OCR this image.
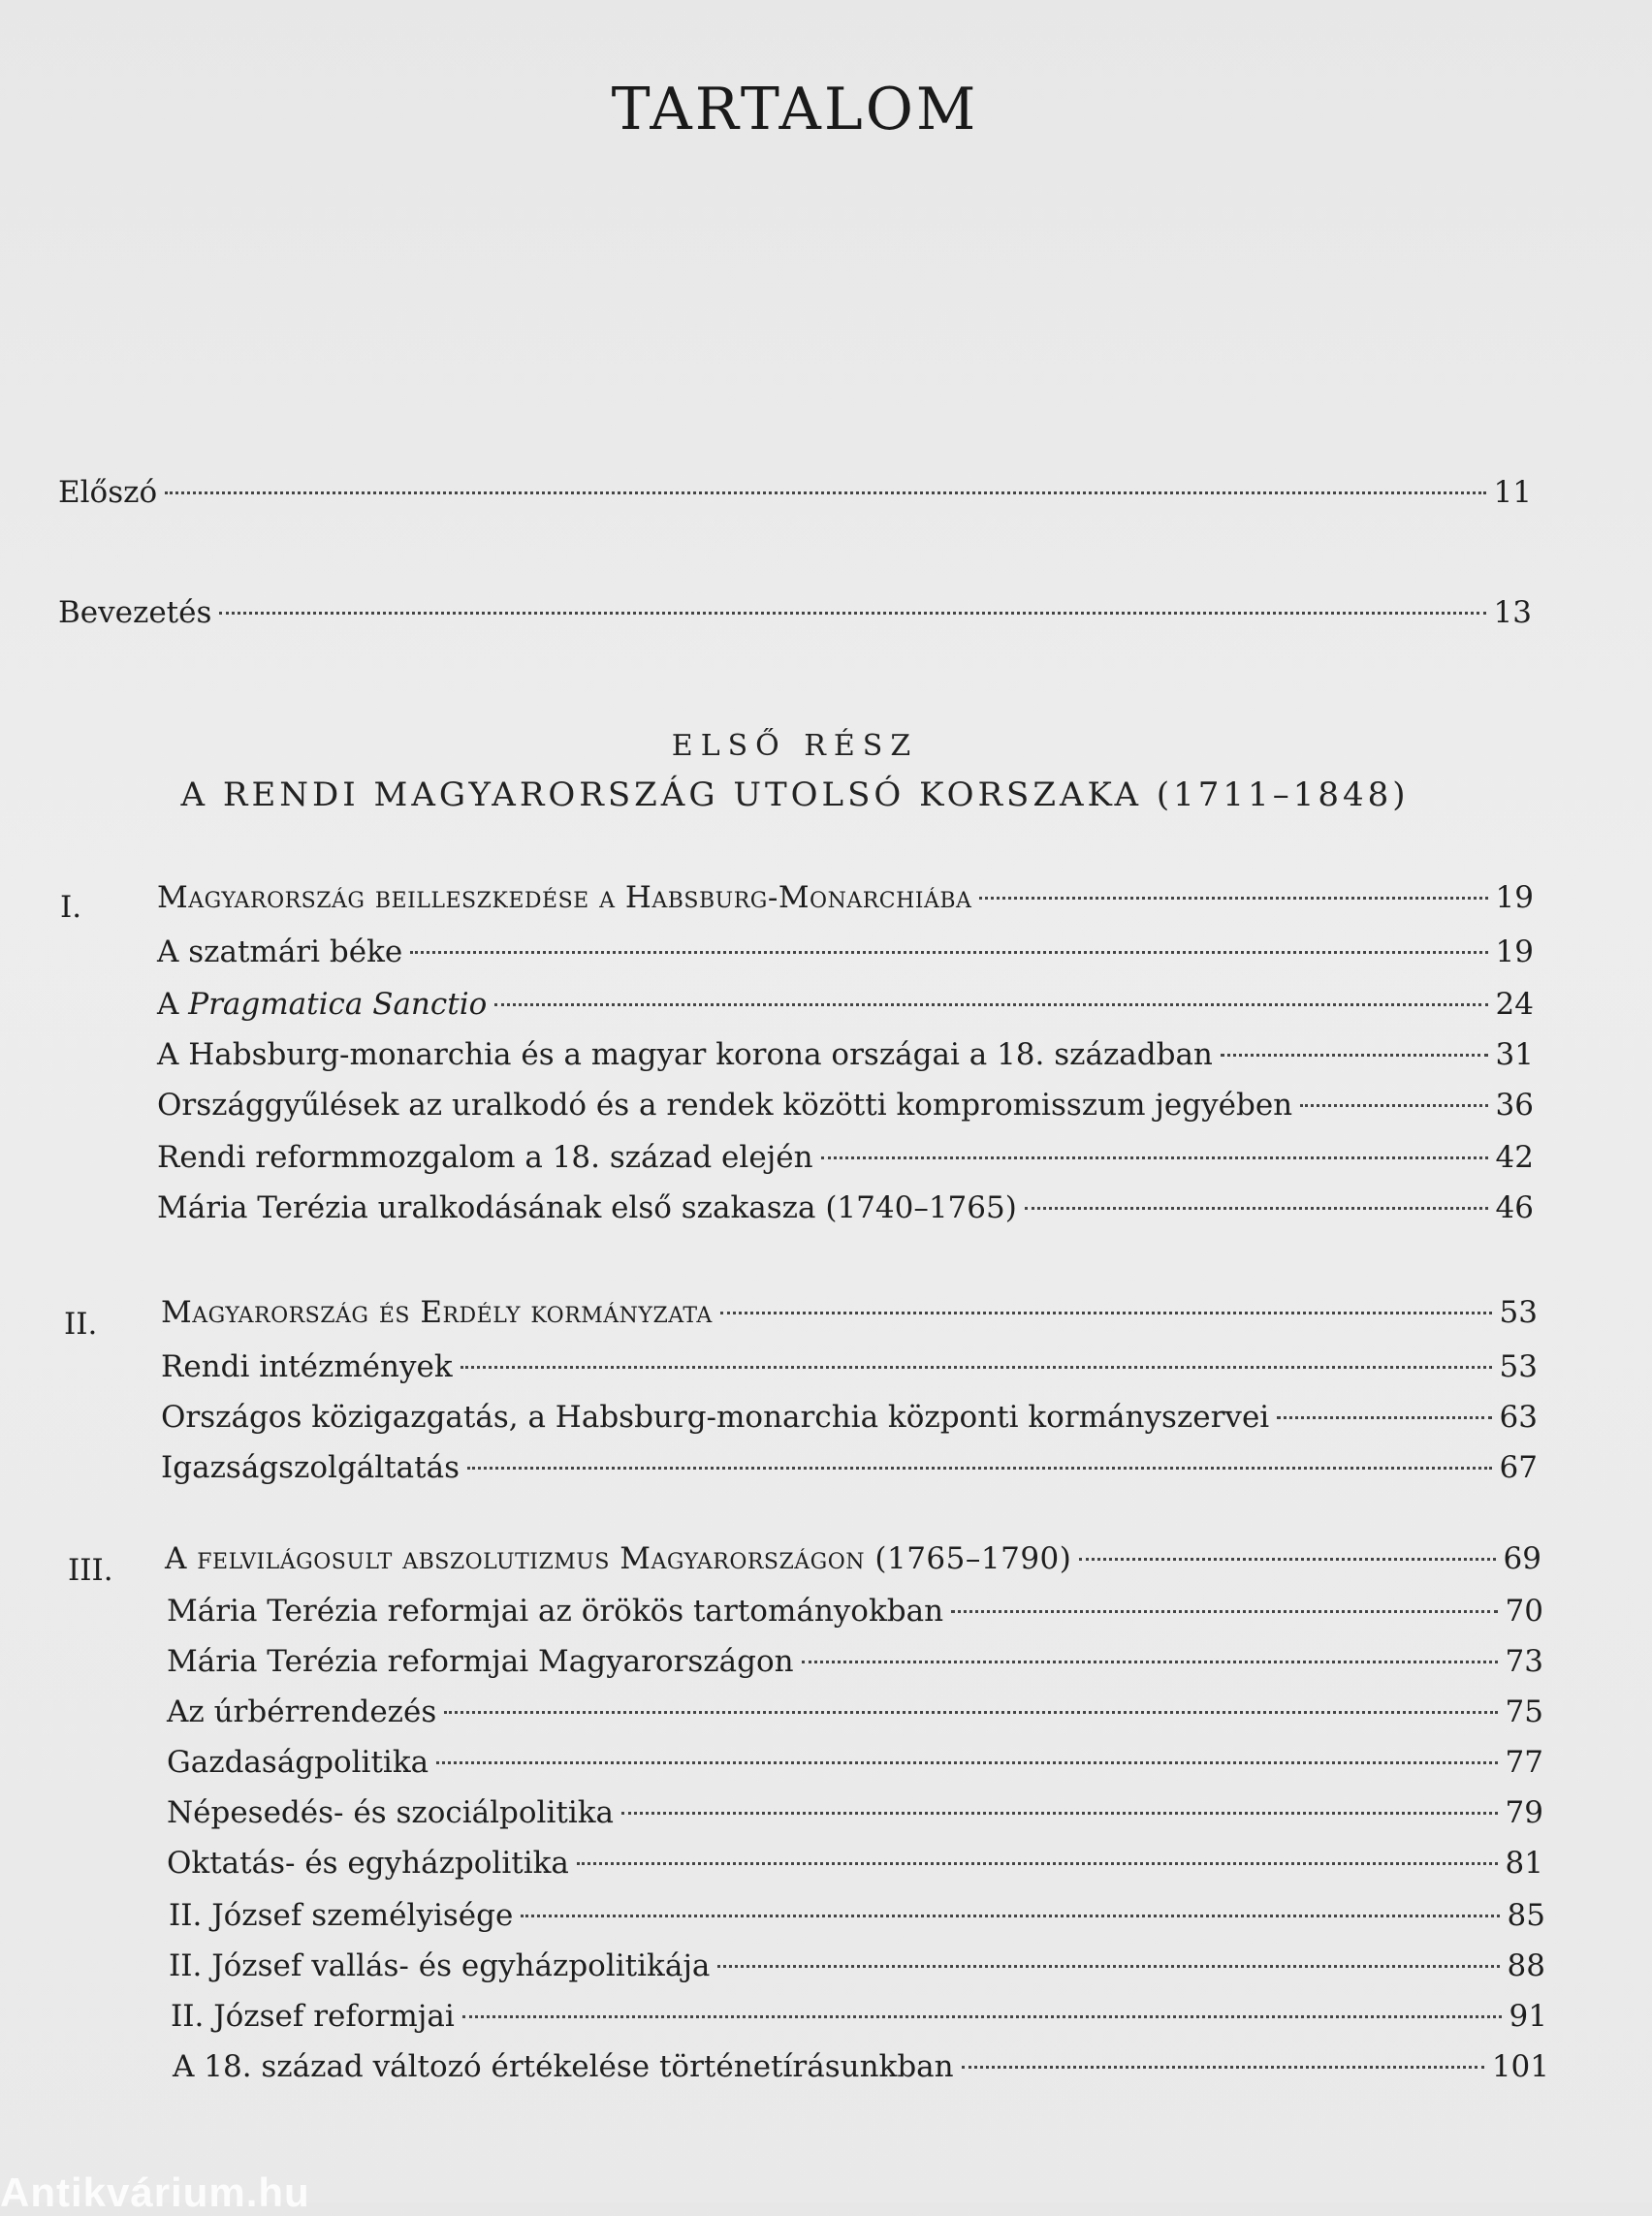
TARTALOM
Előszó	11
Bevezetés	13
ELSŐ RÉSZ
A RENDI MAGYARORSZÁG UTOLSÓ KORSZAKA (1711–1848)
I.	Magyarország beilleszkedése a Habsburg-Monarchiába	19
A szatmári béke	19
A Pragmatica Sanctio	24
A Habsburg-monarchia és a magyar korona országai a 18. században	31
Országgyűlések az uralkodó és a rendek közötti kompromisszum jegyében	36
Rendi reformmozgalom a 18. század elején	42
Mária Terézia uralkodásának első szakasza (1740–1765)	46
II. Magyarország és Erdély kormányzata	53
Rendi intézmények	53
Országos közigazgatás, a Habsburg-monarchia központi kormányszervei	63
Igazságszolgáltatás	67
III. A felvilágosult abszolutizmus Magyarországon (1765–1790)	69
Mária Terézia reformjai az örökös tartományokban	70
Mária Terézia reformjai Magyarországon	73
Az úrbérrendezés	75
Gazdaságpolitika	77
Népesedés- és szociálpolitika	79
Oktatás- és egyházpolitika	81
II. József személyisége	85
II. József vallás- és egyházpolitikája	88
II. József reformjai	91
A 18. század változó értékelése történetírásunkban	101
Antikvárium.hu
